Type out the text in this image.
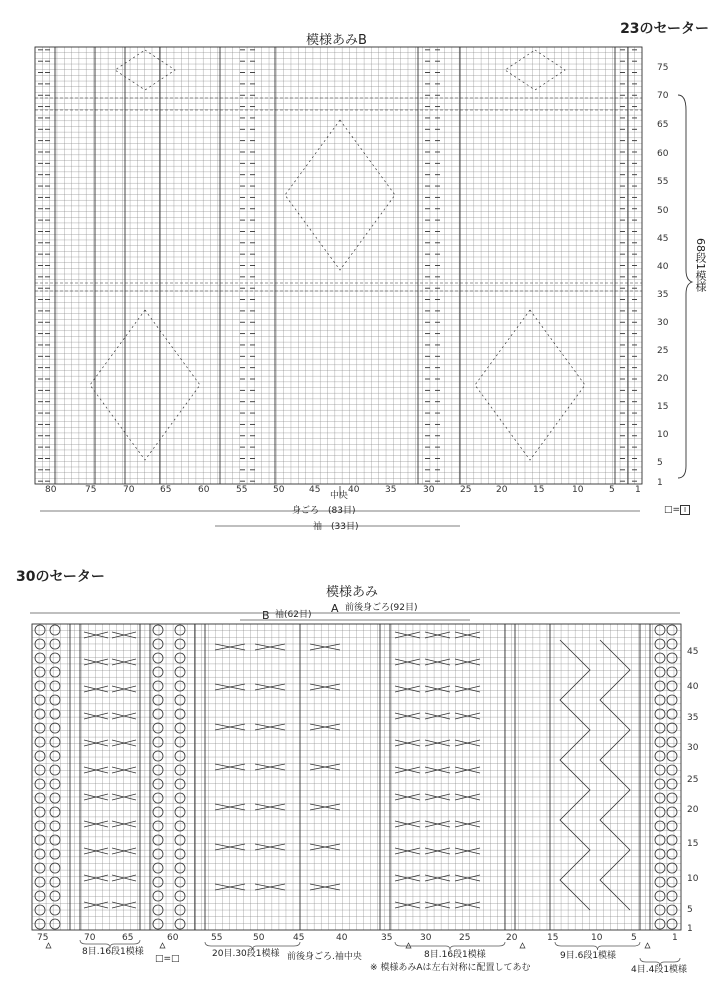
23のセーター
模様あみB
68段1模様
中央
身ごろ　(83目)
袖　(33目)
□= I
75
70
65
60
55
50
45
40
35
30
25
20
15
10
5
1
80	75	70	65	60	55	50	45	40	35	30	25	20	15	10	5 1
30のセーター
模様あみ
A 前後身ごろ(92目)
B 袖(62目)
45
40
35
30
25
20
15
10
5
1
75	70	65	60	55	50	45	40	35	30	25	20	15	10	5	1
8目.16段1模様	20目.30段1模様 前後身ごろ.袖中央	8目.16段1模様	9目.6段1模様
4目.4段1模様
※ 模様あみAは左右対称に配置してあむ
□=□
